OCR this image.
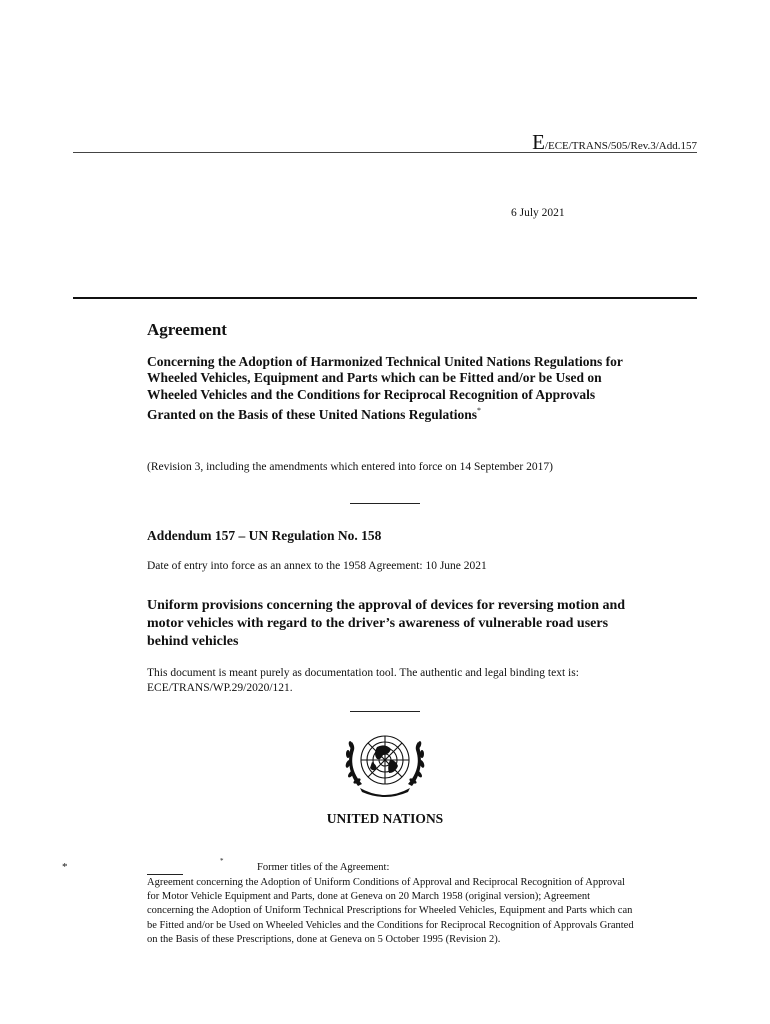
E/ECE/TRANS/505/Rev.3/Add.157
6 July 2021
Agreement
Concerning the Adoption of Harmonized Technical United Nations Regulations for Wheeled Vehicles, Equipment and Parts which can be Fitted and/or be Used on Wheeled Vehicles and the Conditions for Reciprocal Recognition of Approvals Granted on the Basis of these United Nations Regulations*
(Revision 3, including the amendments which entered into force on 14 September 2017)
Addendum 157 – UN Regulation No. 158
Date of entry into force as an annex to the 1958 Agreement: 10 June 2021
Uniform provisions concerning the approval of devices for reversing motion and motor vehicles with regard to the driver’s awareness of vulnerable road users behind vehicles
This document is meant purely as documentation tool. The authentic and legal binding text is: ECE/TRANS/WP.29/2020/121.
UNITED NATIONS
*	*
Former titles of the Agreement:
Agreement concerning the Adoption of Uniform Conditions of Approval and Reciprocal Recognition of Approval for Motor Vehicle Equipment and Parts, done at Geneva on 20 March 1958 (original version); Agreement concerning the Adoption of Uniform Technical Prescriptions for Wheeled Vehicles, Equipment and Parts which can be Fitted and/or be Used on Wheeled Vehicles and the Conditions for Reciprocal Recognition of Approvals Granted on the Basis of these Prescriptions, done at Geneva on 5 October 1995 (Revision 2).
